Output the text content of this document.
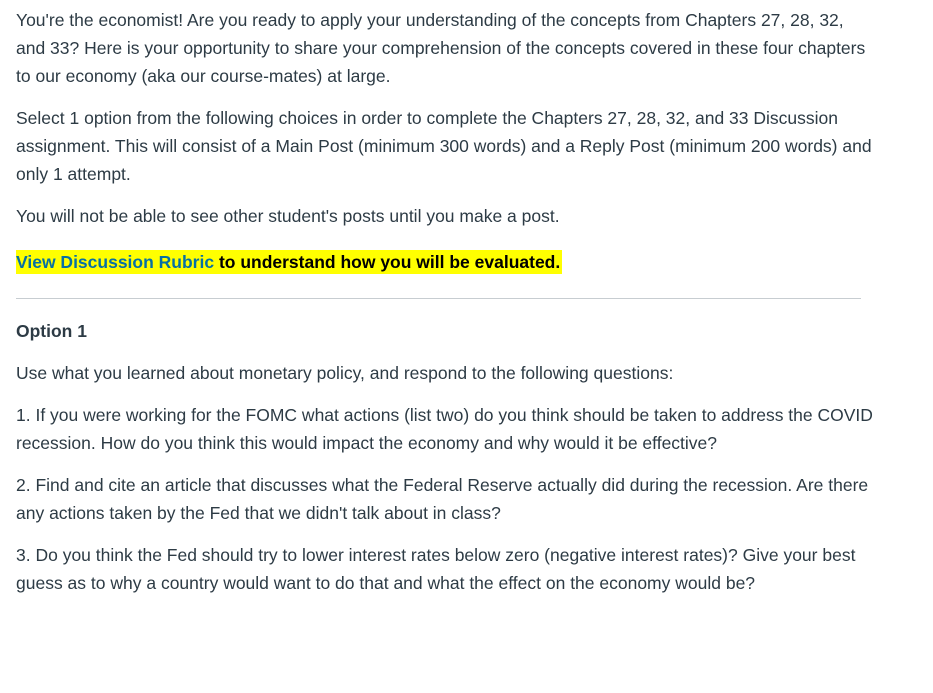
You're the economist! Are you ready to apply your understanding of the concepts from Chapters 27, 28, 32, and 33? Here is your opportunity to share your comprehension of the concepts covered in these four chapters to our economy (aka our course-mates) at large.

Select 1 option from the following choices in order to complete the Chapters 27, 28, 32, and 33 Discussion assignment. This will consist of a Main Post (minimum 300 words) and a Reply Post (minimum 200 words) and only 1 attempt.

You will not be able to see other student's posts until you make a post.

View Discussion Rubric to understand how you will be evaluated.

Option 1

Use what you learned about monetary policy, and respond to the following questions:

1. If you were working for the FOMC what actions (list two) do you think should be taken to address the COVID recession. How do you think this would impact the economy and why would it be effective?

2. Find and cite an article that discusses what the Federal Reserve actually did during the recession. Are there any actions taken by the Fed that we didn't talk about in class?

3. Do you think the Fed should try to lower interest rates below zero (negative interest rates)? Give your best guess as to why a country would want to do that and what the effect on the economy would be?
